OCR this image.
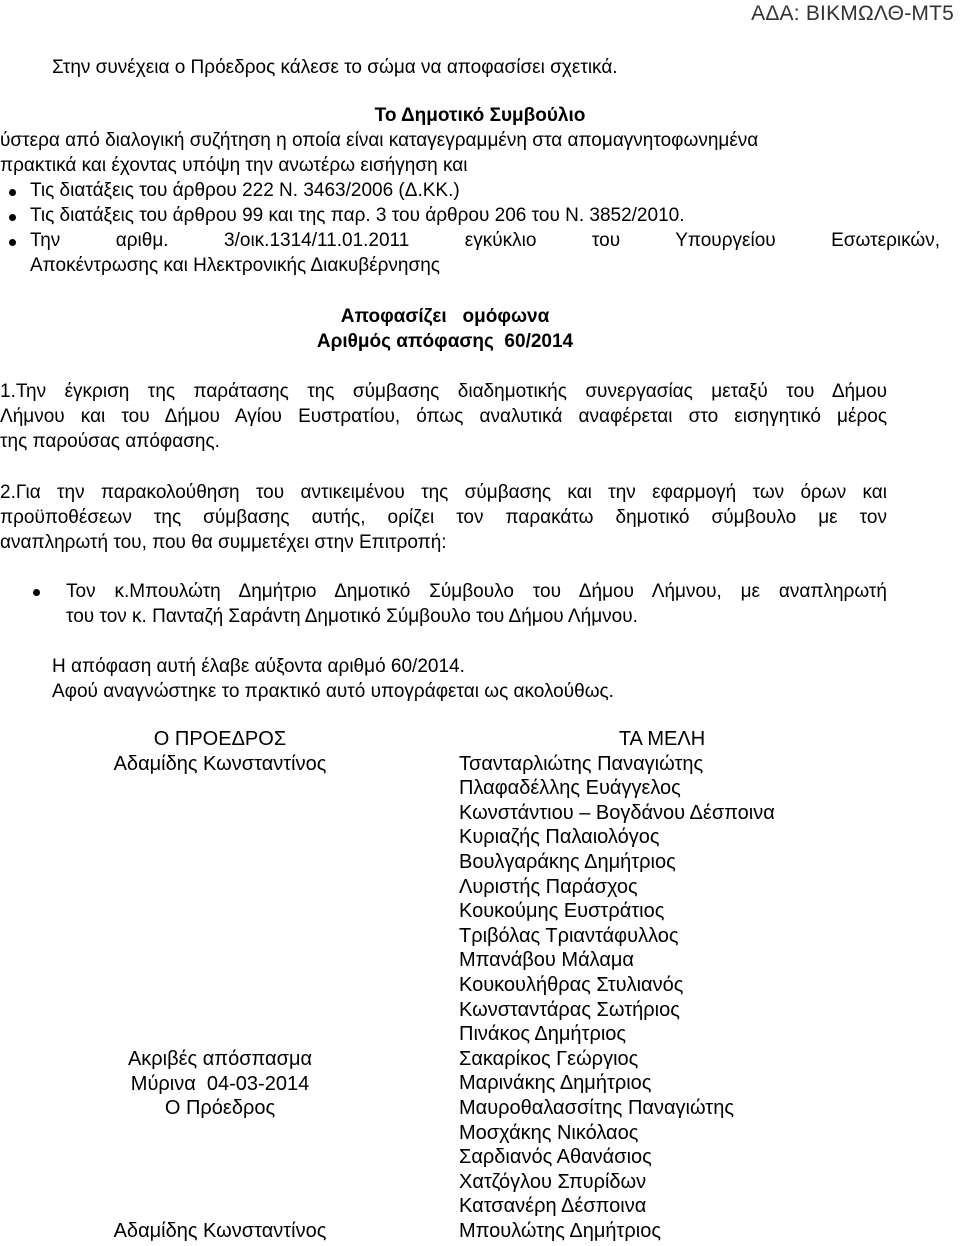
ΑΔΑ: ΒΙΚΜΩΛΘ-ΜΤ5
Στην συνέχεια ο Πρόεδρος κάλεσε το σώμα να αποφασίσει σχετικά.
Το Δημοτικό Συμβούλιο
ύστερα από διαλογική συζήτηση η οποία είναι καταγεγραμμένη στα απομαγνητοφωνημένα
πρακτικά και έχοντας υπόψη την ανωτέρω εισήγηση και
Τις διατάξεις του άρθρου 222 Ν. 3463/2006 (Δ.ΚΚ.)
Τις διατάξεις του άρθρου 99 και της παρ. 3 του άρθρου 206 του Ν. 3852/2010.
Την  αριθμ.  3/οικ.1314/11.01.2011  εγκύκλιο  του  Υπουργείου  Εσωτερικών,
Αποκέντρωσης και Ηλεκτρονικής Διακυβέρνησης
Αποφασίζει   ομόφωνα
Αριθμός απόφασης  60/2014
1.Την έγκριση της παράτασης της σύμβασης διαδημοτικής συνεργασίας μεταξύ του Δήμου
Λήμνου και του Δήμου Αγίου Ευστρατίου, όπως αναλυτικά αναφέρεται στο εισηγητικό μέρος
της παρούσας απόφασης.
2.Για την παρακολούθηση του αντικειμένου της σύμβασης και την εφαρμογή των όρων και
προϋποθέσεων της σύμβασης αυτής, ορίζει τον παρακάτω δημοτικό σύμβουλο με τον
αναπληρωτή του, που θα συμμετέχει στην Επιτροπή:
Τον κ.Μπουλώτη Δημήτριο Δημοτικό Σύμβουλο του Δήμου Λήμνου, με αναπληρωτή
του τον κ. Πανταζή Σαράντη Δημοτικό Σύμβουλο του Δήμου Λήμνου.
Η απόφαση αυτή έλαβε αύξοντα αριθμό 60/2014.
Αφού αναγνώστηκε το πρακτικό αυτό υπογράφεται ως ακολούθως.
Ο ΠΡΟΕΔΡΟΣ
Αδαμίδης Κωνσταντίνος
Ακριβές απόσπασμα
Μύρινα  04-03-2014
Ο Πρόεδρος
Αδαμίδης Κωνσταντίνος
ΤΑ ΜΕΛΗ
Τσανταρλιώτης Παναγιώτης
Πλαφαδέλλης Ευάγγελος
Κωνστάντιου – Βογδάνου Δέσποινα
Κυριαζής Παλαιολόγος
Βουλγαράκης Δημήτριος
Λυριστής Παράσχος
Κουκούμης Ευστράτιος
Τριβόλας Τριαντάφυλλος
Μπανάβου Μάλαμα
Κουκουλήθρας Στυλιανός
Κωνσταντάρας Σωτήριος
Πινάκος Δημήτριος
Σακαρίκος Γεώργιος
Μαρινάκης Δημήτριος
Μαυροθαλασσίτης Παναγιώτης
Μοσχάκης Νικόλαος
Σαρδιανός Αθανάσιος
Χατζόγλου Σπυρίδων
Κατσανέρη Δέσποινα
Μπουλώτης Δημήτριος
